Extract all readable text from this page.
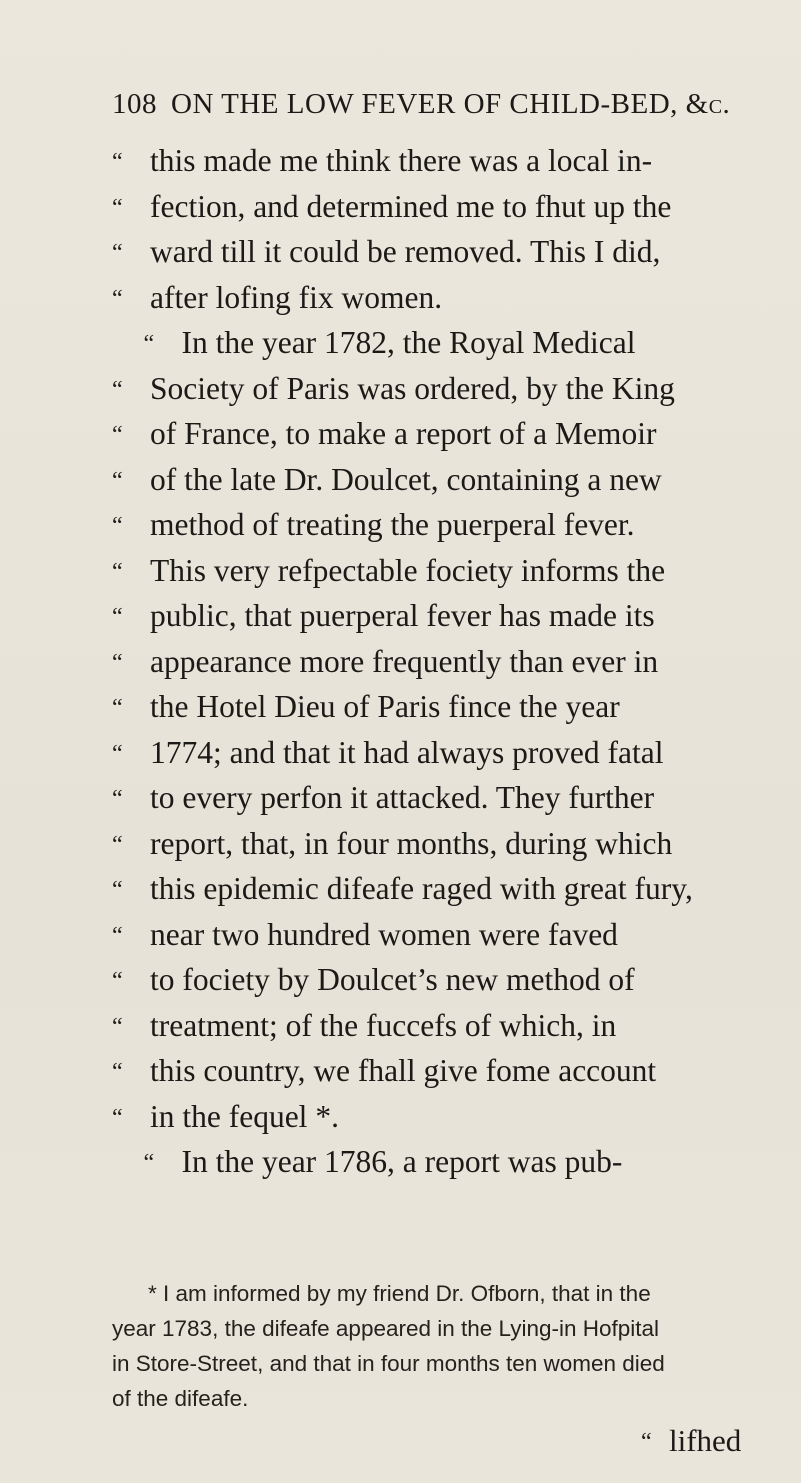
108 ON THE LOW FEVER OF CHILD-BED, &c.
“ this made me think there was a local in-
“ fection, and determined me to fhut up the
“ ward till it could be removed. This I did,
“ after lofing fix women.
“ In the year 1782, the Royal Medical
“ Society of Paris was ordered, by the King
“ of France, to make a report of a Memoir
“ of the late Dr. Doulcet, containing a new
“ method of treating the puerperal fever.
“ This very refpectable fociety informs the
“ public, that puerperal fever has made its
“ appearance more frequently than ever in
“ the Hotel Dieu of Paris fince the year
“ 1774; and that it had always proved fatal
“ to every perfon it attacked. They further
“ report, that, in four months, during which
“ this epidemic difeafe raged with great fury,
“ near two hundred women were faved
“ to fociety by Doulcet’s new method of
“ treatment; of the fuccefs of which, in
“ this country, we fhall give fome account
“ in the fequel *.
“ In the year 1786, a report was pub-
* I am informed by my friend Dr. Ofborn, that in the
year 1783, the difeafe appeared in the Lying-in Hofpital
in Store-Street, and that in four months ten women died
of the difeafe.
“ lifhed
